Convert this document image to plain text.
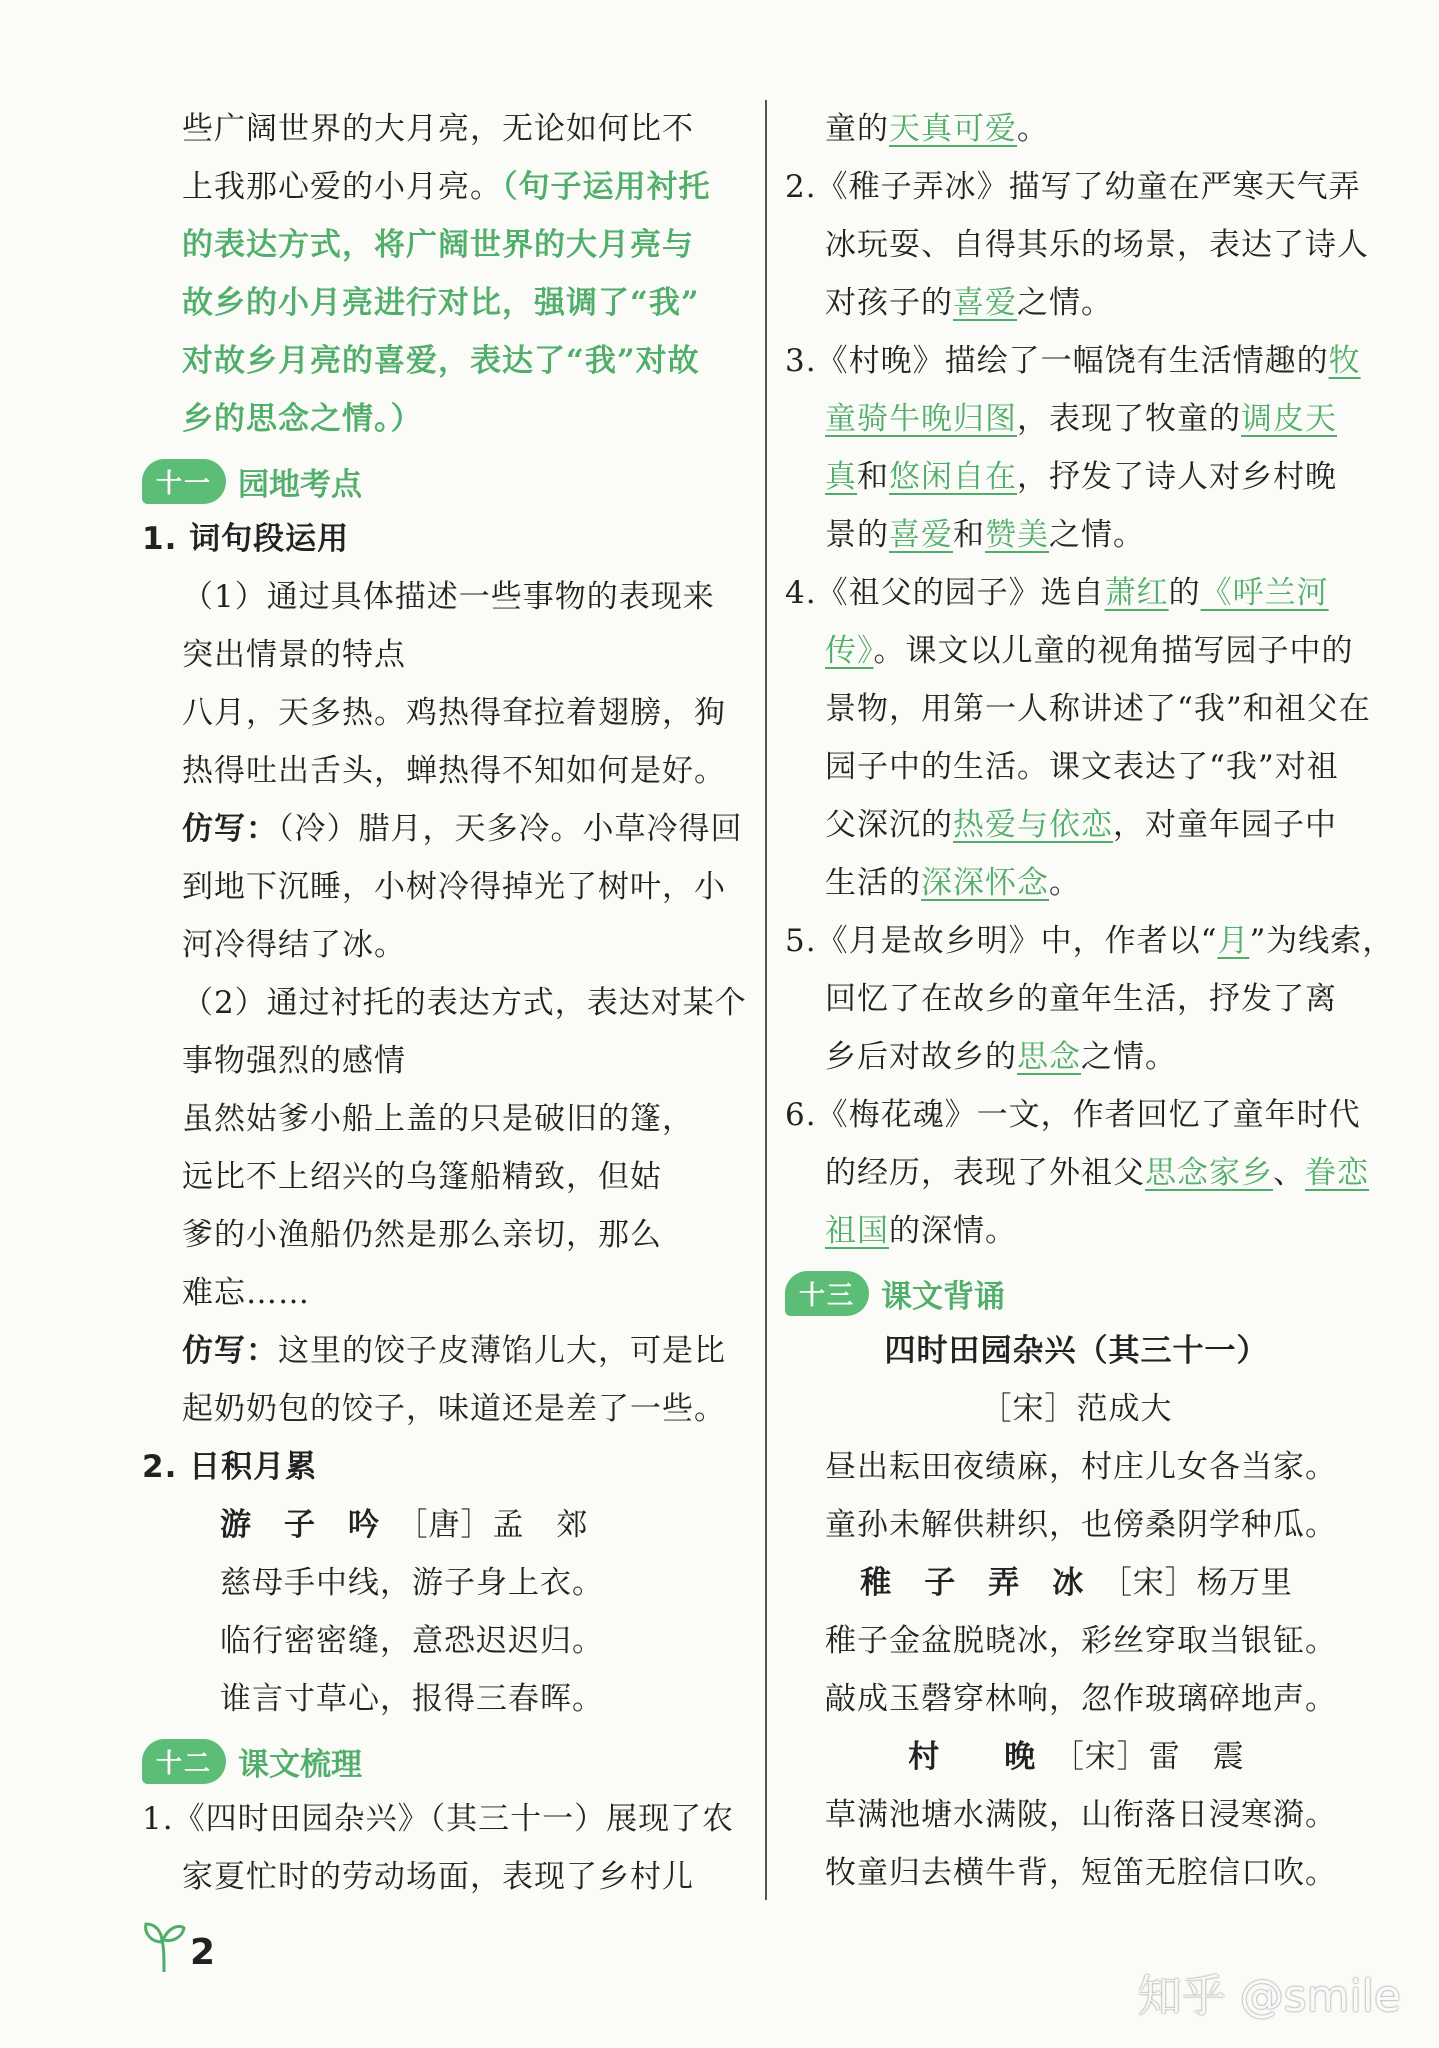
些广阔世界的大月亮，无论如何比不
上我那心爱的小月亮。（句子运用衬托
的表达方式，将广阔世界的大月亮与
故乡的小月亮进行对比，强调了“我”
对故乡月亮的喜爱，表达了“我”对故
乡的思念之情。）
十一 园地考点
1. 词句段运用
（1）通过具体描述一些事物的表现来
突出情景的特点
八月，天多热。鸡热得耷拉着翅膀，狗
热得吐出舌头，蝉热得不知如何是好。
仿写：（冷）腊月，天多冷。小草冷得回
到地下沉睡，小树冷得掉光了树叶，小
河冷得结了冰。
（2）通过衬托的表达方式，表达对某个
事物强烈的感情
虽然姑爹小船上盖的只是破旧的篷，
远比不上绍兴的乌篷船精致，但姑
爹的小渔船仍然是那么亲切，那么
难忘……
仿写：这里的饺子皮薄馅儿大，可是比
起奶奶包的饺子，味道还是差了一些。
2. 日积月累
游　子　吟　 ［唐］孟　郊
慈母手中线，游子身上衣。
临行密密缝，意恐迟迟归。
谁言寸草心，报得三春晖。
十二 课文梳理
1.《四时田园杂兴》（其三十一）展现了农
家夏忙时的劳动场面，表现了乡村儿
童的天真可爱。
2.《稚子弄冰》描写了幼童在严寒天气弄
冰玩耍、自得其乐的场景，表达了诗人
对孩子的喜爱之情。
3.《村晚》描绘了一幅饶有生活情趣的牧
童骑牛晚归图，表现了牧童的调皮天
真和悠闲自在，抒发了诗人对乡村晚
景的喜爱和赞美之情。
4.《祖父的园子》选自萧红的《呼兰河
传》。课文以儿童的视角描写园子中的
景物，用第一人称讲述了“我”和祖父在
园子中的生活。课文表达了“我”对祖
父深沉的热爱与依恋，对童年园子中
生活的深深怀念。
5.《月是故乡明》中，作者以“月”为线索，
回忆了在故乡的童年生活，抒发了离
乡后对故乡的思念之情。
6.《梅花魂》一文，作者回忆了童年时代
的经历，表现了外祖父思念家乡、眷恋
祖国的深情。
十三 课文背诵
四时田园杂兴（其三十一）
［宋］范成大
昼出耘田夜绩麻，村庄儿女各当家。
童孙未解供耕织，也傍桑阴学种瓜。
稚　子　弄　冰　 ［宋］杨万里
稚子金盆脱晓冰，彩丝穿取当银钲。
敲成玉磬穿林响，忽作玻璃碎地声。
村　　晚　 ［宋］雷　震
草满池塘水满陂，山衔落日浸寒漪。
牧童归去横牛背，短笛无腔信口吹。
2
知乎 @smile
